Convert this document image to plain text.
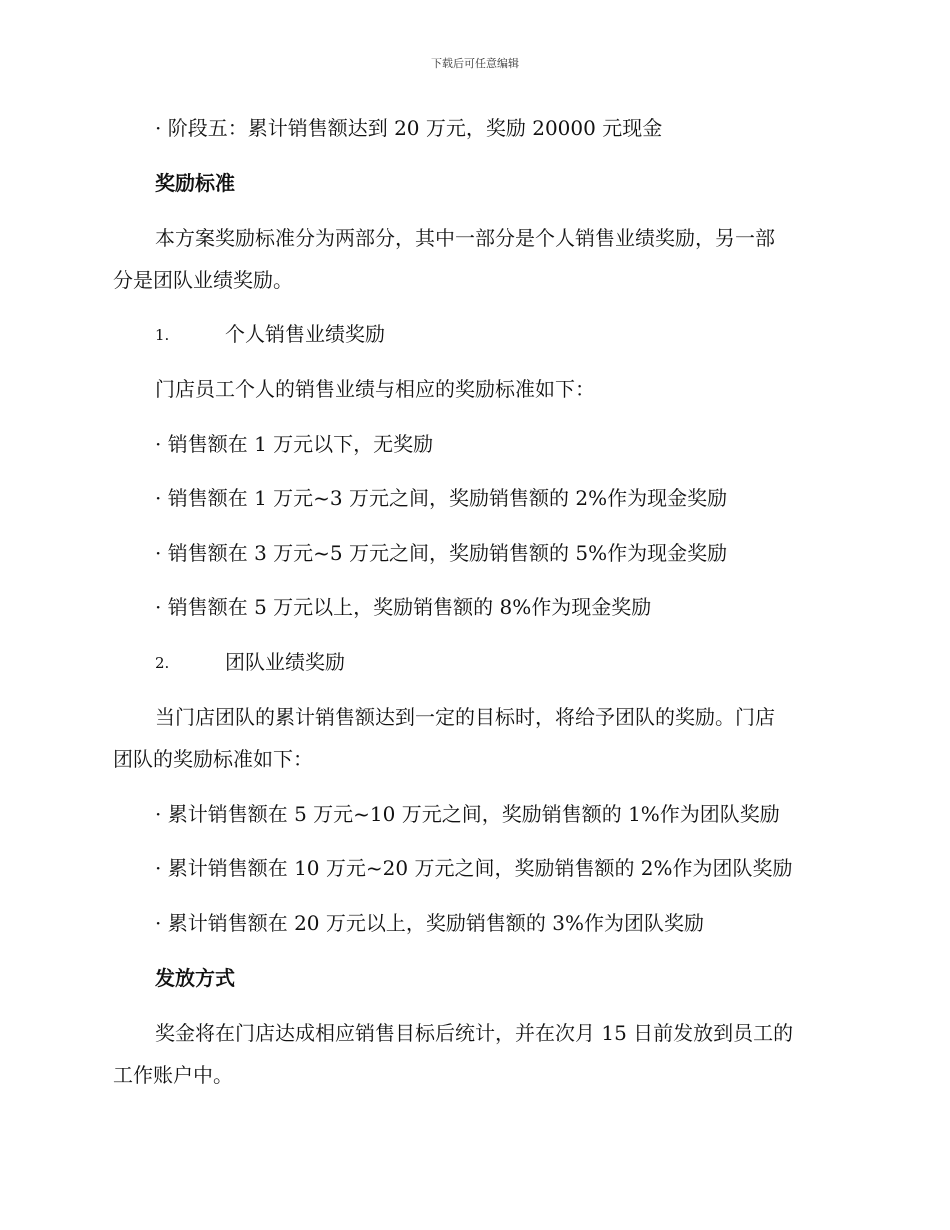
下载后可任意编辑
· 阶段五：累计销售额达到 20 万元，奖励 20000 元现金
奖励标准
本方案奖励标准分为两部分，其中一部分是个人销售业绩奖励，另一部
分是团队业绩奖励。
1.	个人销售业绩奖励
门店员工个人的销售业绩与相应的奖励标准如下：
· 销售额在 1 万元以下，无奖励
· 销售额在 1 万元~3 万元之间，奖励销售额的 2%作为现金奖励
· 销售额在 3 万元~5 万元之间，奖励销售额的 5%作为现金奖励
· 销售额在 5 万元以上，奖励销售额的 8%作为现金奖励
2.	团队业绩奖励
当门店团队的累计销售额达到一定的目标时，将给予团队的奖励。门店
团队的奖励标准如下：
· 累计销售额在 5 万元~10 万元之间，奖励销售额的 1%作为团队奖励
· 累计销售额在 10 万元~20 万元之间，奖励销售额的 2%作为团队奖励
· 累计销售额在 20 万元以上，奖励销售额的 3%作为团队奖励
发放方式
奖金将在门店达成相应销售目标后统计，并在次月 15 日前发放到员工的
工作账户中。
